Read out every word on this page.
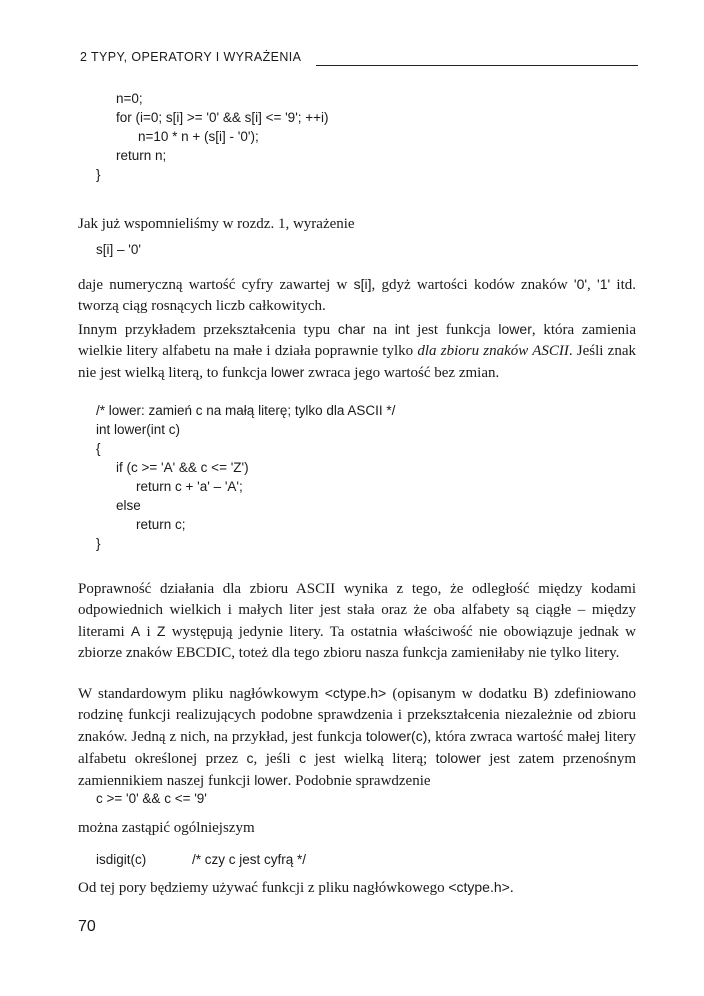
2 TYPY, OPERATORY I WYRAŻENIA
n=0;
for (i=0; s[i] >= '0' && s[i] <= '9'; ++i)
n=10 * n + (s[i] - '0');
return n;
}
Jak już wspomnieliśmy w rozdz. 1, wyrażenie
s[i] – '0'
daje numeryczną wartość cyfry zawartej w s[i], gdyż wartości kodów znaków '0', '1' itd. tworzą ciąg rosnących liczb całkowitych.
Innym przykładem przekształcenia typu char na int jest funkcja lower, która zamienia wielkie litery alfabetu na małe i działa poprawnie tylko dla zbioru znaków ASCII. Jeśli znak nie jest wielką literą, to funkcja lower zwraca jego wartość bez zmian.
/* lower: zamień c na małą literę; tylko dla ASCII */
int lower(int c)
{
if (c >= 'A' && c <= 'Z')
return c + 'a' – 'A';
else
return c;
}
Poprawność działania dla zbioru ASCII wynika z tego, że odległość między kodami odpowiednich wielkich i małych liter jest stała oraz że oba alfabety są ciągłe – między literami A i Z występują jedynie litery. Ta ostatnia właściwość nie obowiązuje jednak w zbiorze znaków EBCDIC, toteż dla tego zbioru nasza funkcja zamieniłaby nie tylko litery.
W standardowym pliku nagłówkowym <ctype.h> (opisanym w dodatku B) zdefiniowano rodzinę funkcji realizujących podobne sprawdzenia i przekształcenia niezależnie od zbioru znaków. Jedną z nich, na przykład, jest funkcja tolower(c), która zwraca wartość małej litery alfabetu określonej przez c, jeśli c jest wielką literą; tolower jest zatem przenośnym zamiennikiem naszej funkcji lower. Podobnie sprawdzenie
c >= '0' && c <= '9'
można zastąpić ogólniejszym
isdigit(c)	/* czy c jest cyfrą */
Od tej pory będziemy używać funkcji z pliku nagłówkowego <ctype.h>.
70
